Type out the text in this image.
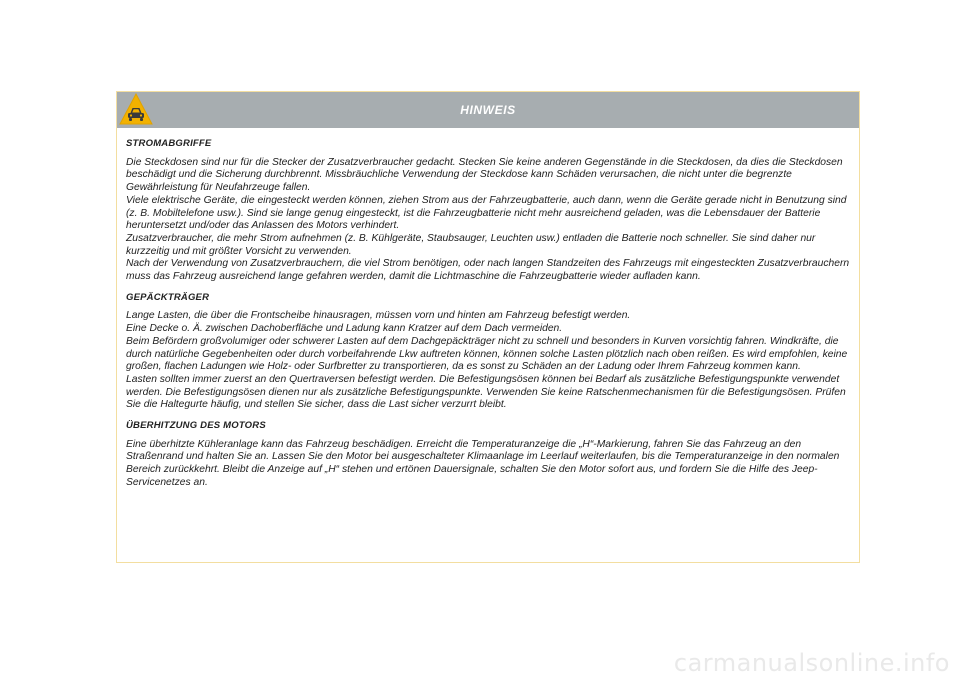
HINWEIS
STROMABGRIFFE

Die Steckdosen sind nur für die Stecker der Zusatzverbraucher gedacht. Stecken Sie keine anderen Gegenstände in die Steckdosen, da dies die Steckdosen beschädigt und die Sicherung durchbrennt. Missbräuchliche Verwendung der Steckdose kann Schäden verursachen, die nicht unter die begrenzte Gewährleistung für Neufahrzeuge fallen.

Viele elektrische Geräte, die eingesteckt werden können, ziehen Strom aus der Fahrzeugbatterie, auch dann, wenn die Geräte gerade nicht in Benutzung sind (z. B. Mobiltelefone usw.). Sind sie lange genug eingesteckt, ist die Fahrzeugbatterie nicht mehr ausreichend geladen, was die Lebensdauer der Batterie heruntersetzt und/oder das Anlassen des Motors verhindert.

Zusatzverbraucher, die mehr Strom aufnehmen (z. B. Kühlgeräte, Staubsauger, Leuchten usw.) entladen die Batterie noch schneller. Sie sind daher nur kurzzeitig und mit größter Vorsicht zu verwenden.

Nach der Verwendung von Zusatzverbrauchern, die viel Strom benötigen, oder nach langen Standzeiten des Fahrzeugs mit eingesteckten Zusatzverbrauchern muss das Fahrzeug ausreichend lange gefahren werden, damit die Lichtmaschine die Fahrzeugbatterie wieder aufladen kann.

GEPÄCKTRÄGER

Lange Lasten, die über die Frontscheibe hinausragen, müssen vorn und hinten am Fahrzeug befestigt werden.

Eine Decke o. Ä. zwischen Dachoberfläche und Ladung kann Kratzer auf dem Dach vermeiden.

Beim Befördern großvolumiger oder schwerer Lasten auf dem Dachgepäckträger nicht zu schnell und besonders in Kurven vorsichtig fahren. Windkräfte, die durch natürliche Gegebenheiten oder durch vorbeifahrende Lkw auftreten können, können solche Lasten plötzlich nach oben reißen. Es wird empfohlen, keine großen, flachen Ladungen wie Holz- oder Surfbretter zu transportieren, da es sonst zu Schäden an der Ladung oder Ihrem Fahrzeug kommen kann.

Lasten sollten immer zuerst an den Quertraversen befestigt werden. Die Befestigungsösen können bei Bedarf als zusätzliche Befestigungspunkte verwendet werden. Die Befestigungsösen dienen nur als zusätzliche Befestigungspunkte. Verwenden Sie keine Ratschenmechanismen für die Befestigungsösen. Prüfen Sie die Haltegurte häufig, und stellen Sie sicher, dass die Last sicher verzurrt bleibt.

ÜBERHITZUNG DES MOTORS

Eine überhitzte Kühleranlage kann das Fahrzeug beschädigen. Erreicht die Temperaturanzeige die „H“-Markierung, fahren Sie das Fahrzeug an den Straßenrand und halten Sie an. Lassen Sie den Motor bei ausgeschalteter Klimaanlage im Leerlauf weiterlaufen, bis die Temperaturanzeige in den normalen Bereich zurückkehrt. Bleibt die Anzeige auf „H“ stehen und ertönen Dauersignale, schalten Sie den Motor sofort aus, und fordern Sie die Hilfe des Jeep-Servicenetzes an.

carmanualsonline.info
